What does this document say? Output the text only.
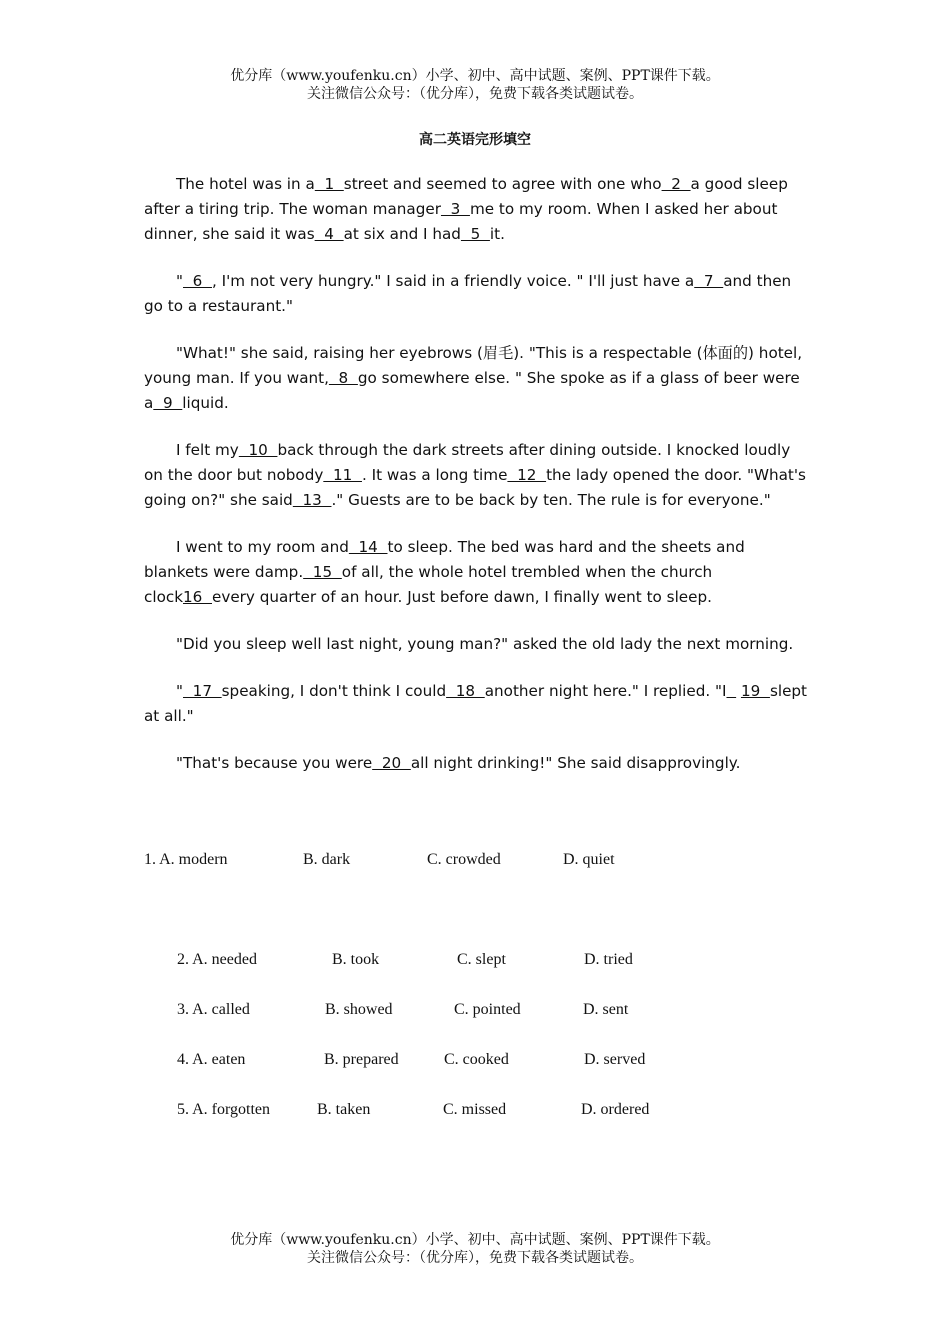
优分库（www.youfenku.cn）小学、初中、高中试题、案例、PPT课件下载。
关注微信公众号：（优分库），免费下载各类试题试卷。
高二英语完形填空

The hotel was in a  1  street and seemed to agree with one who  2  a good sleep after a tiring trip. The woman manager  3  me to my room. When I asked her about dinner, she said it was  4  at six and I had  5  it.

"  6  , I'm not very hungry." I said in a friendly voice. " I'll just have a  7  and then go to a restaurant."

"What!" she said, raising her eyebrows (眉毛). "This is a respectable (体面的) hotel, young man. If you want,  8  go somewhere else. " She spoke as if a glass of beer were a  9  liquid.

I felt my  10  back through the dark streets after dining outside. I knocked loudly on the door but nobody  11  . It was a long time  12  the lady opened the door. "What's going on?" she said  13  ." Guests are to be back by ten. The rule is for everyone."

I went to my room and  14  to sleep. The bed was hard and the sheets and blankets were damp.  15  of all, the whole hotel trembled when the church clock16  every quarter of an hour. Just before dawn, I finally went to sleep.

"Did you sleep well last night, young man?" asked the old lady the next morning.

"  17  speaking, I don't think I could  18  another night here." I replied. "I 19  slept at all."

"That's because you were  20  all night drinking!" She said disapprovingly.

1. A. modern	B. dark	C. crowded	D. quiet
2. A. needed	B. took	C. slept	D. tried
3. A. called	B. showed	C. pointed	D. sent
4. A. eaten	B. prepared	C. cooked	D. served
5. A. forgotten	B. taken	C. missed	D. ordered
优分库（www.youfenku.cn）小学、初中、高中试题、案例、PPT课件下载。
关注微信公众号：（优分库），免费下载各类试题试卷。
